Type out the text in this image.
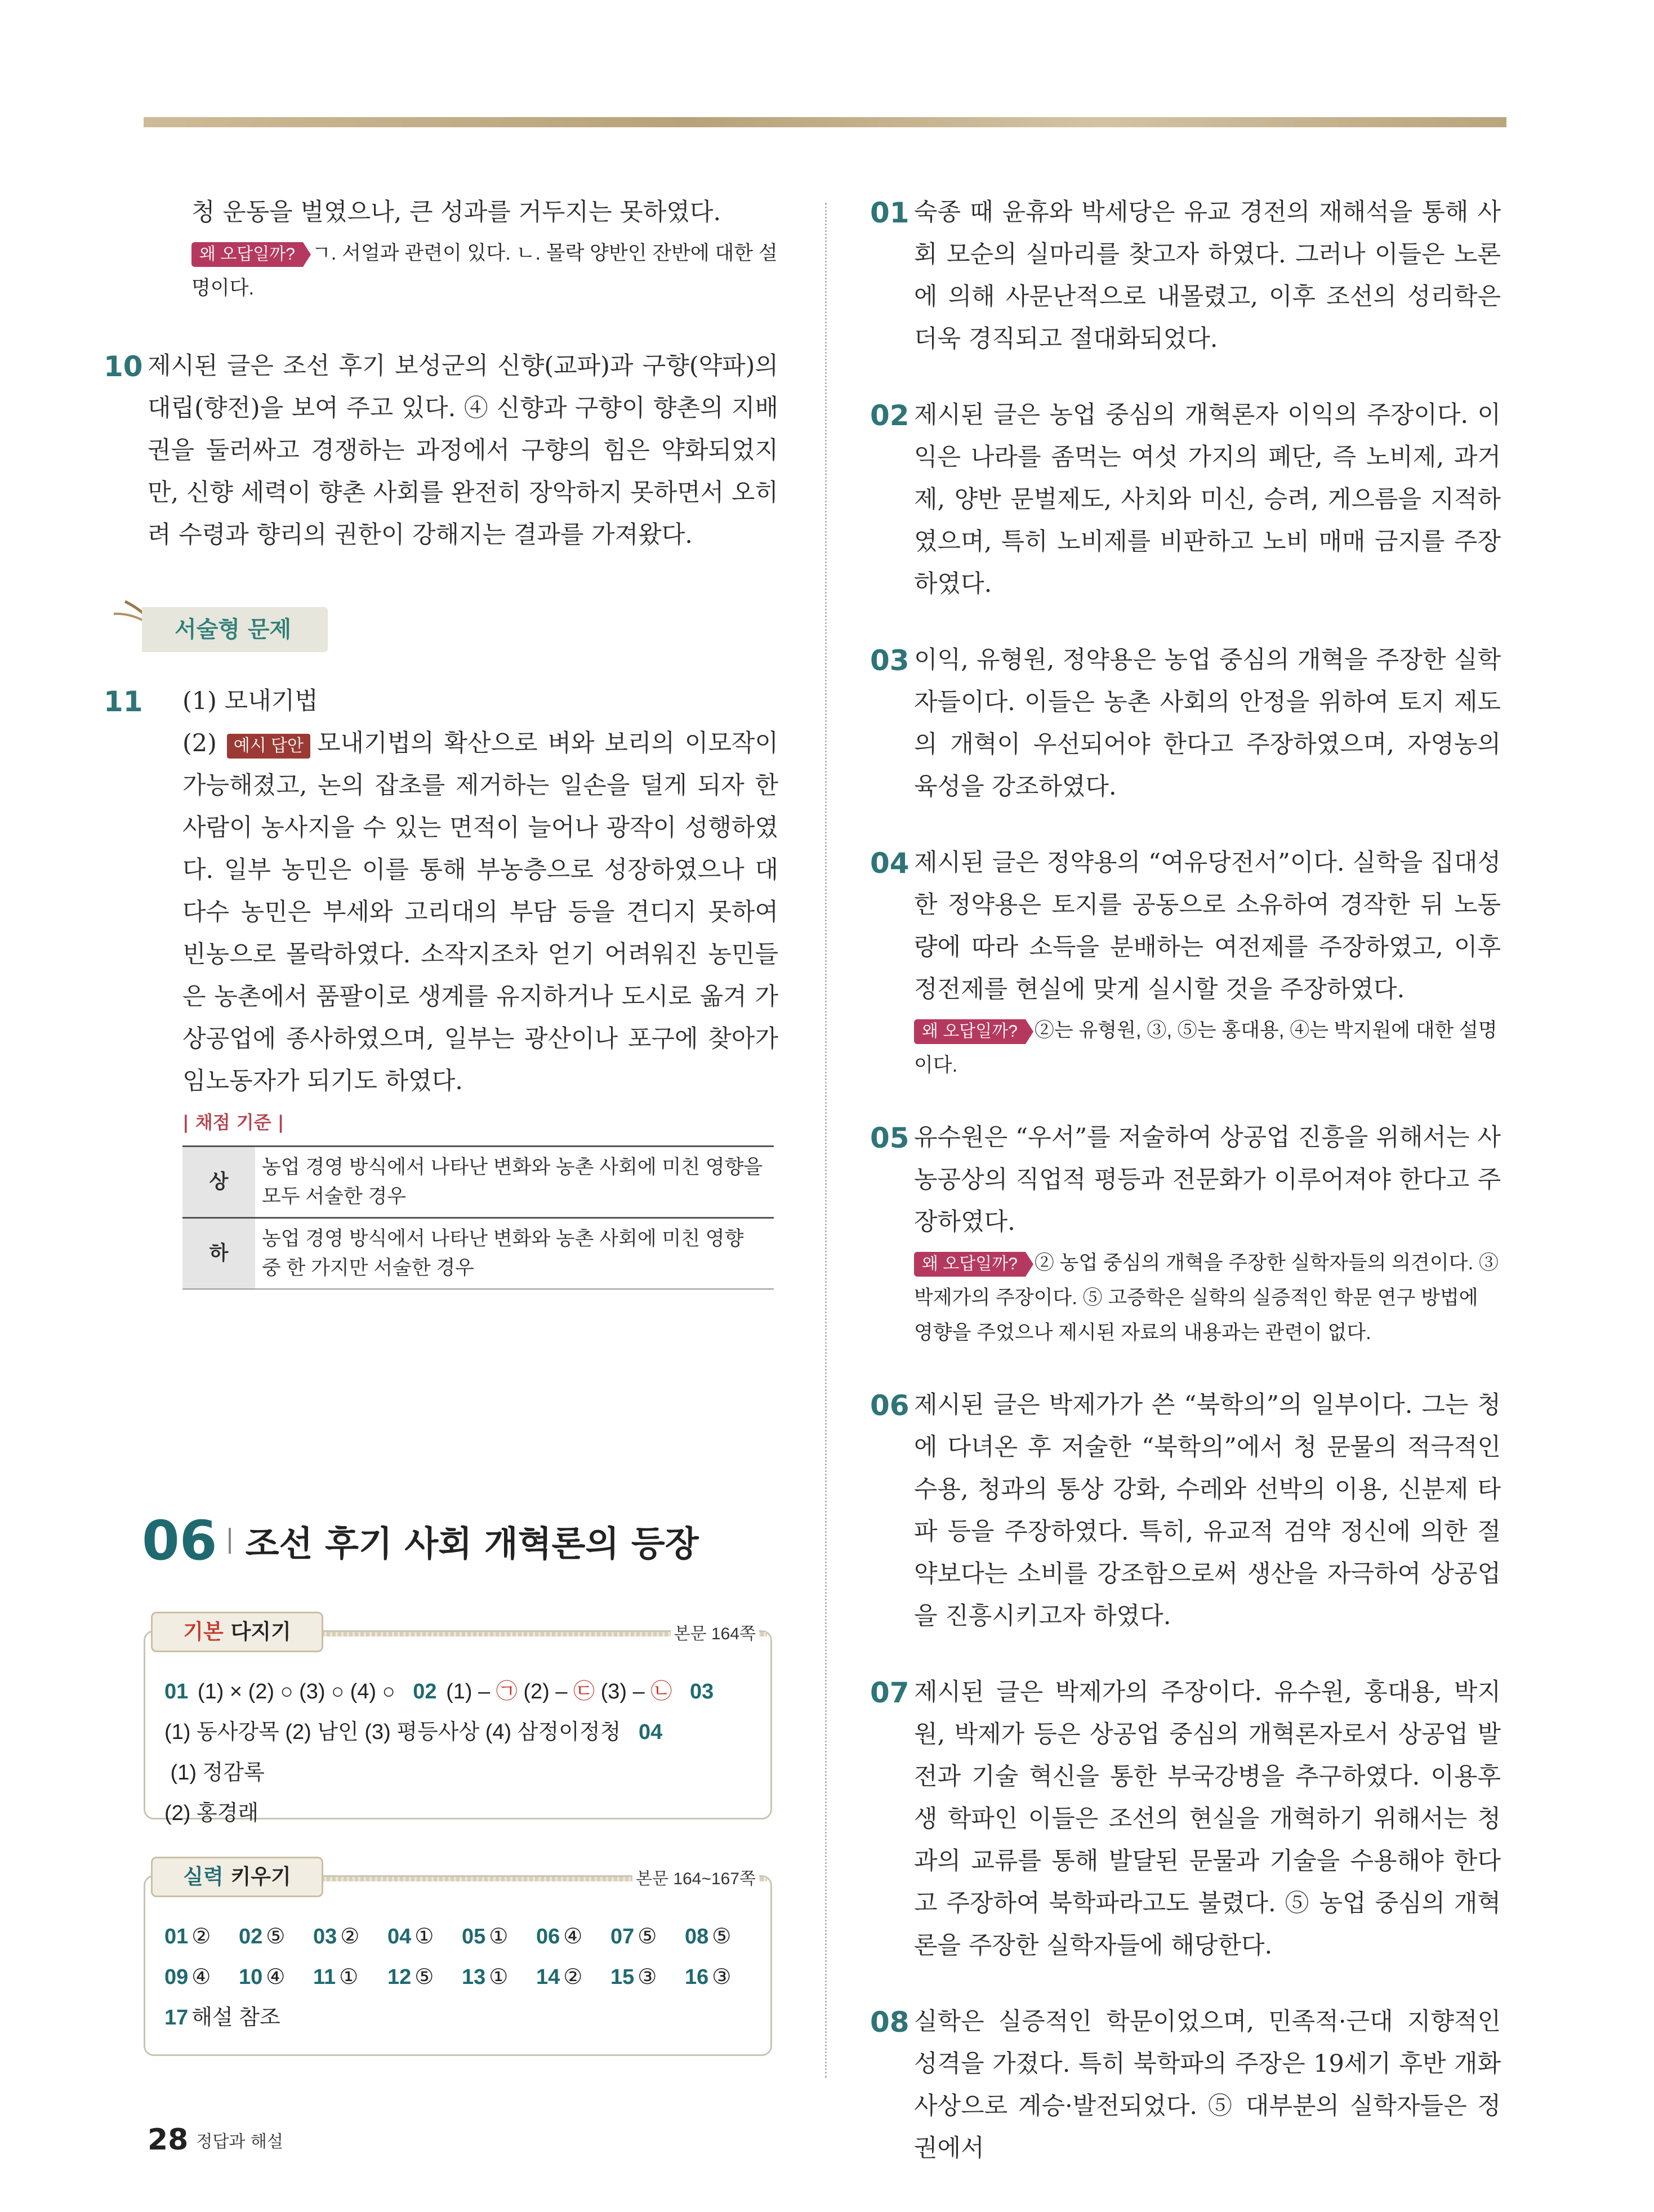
청 운동을 벌였으나, 큰 성과를 거두지는 못하였다.

왜 오답일까? ㄱ. 서얼과 관련이 있다. ㄴ. 몰락 양반인 잔반에 대한 설명이다.

10 제시된 글은 조선 후기 보성군의 신향(교파)과 구향(약파)의 대립(향전)을 보여 주고 있다. ④ 신향과 구향이 향촌의 지배권을 둘러싸고 경쟁하는 과정에서 구향의 힘은 약화되었지만, 신향 세력이 향촌 사회를 완전히 장악하지 못하면서 오히려 수령과 향리의 권한이 강해지는 결과를 가져왔다.

서술형 문제
11 (1) 모내기법

(2) 예시 답안 모내기법의 확산으로 벼와 보리의 이모작이 가능해졌고, 논의 잡초를 제거하는 일손을 덜게 되자 한 사람이 농사지을 수 있는 면적이 늘어나 광작이 성행하였다. 일부 농민은 이를 통해 부농층으로 성장하였으나 대다수 농민은 부세와 고리대의 부담 등을 견디지 못하여 빈농으로 몰락하였다. 소작지조차 얻기 어려워진 농민들은 농촌에서 품팔이로 생계를 유지하거나 도시로 옮겨 가 상공업에 종사하였으며, 일부는 광산이나 포구에 찾아가 임노동자가 되기도 하였다.

| 채점 기준 |
상	농업 경영 방식에서 나타난 변화와 농촌 사회에 미친 영향을 모두 서술한 경우
하	농업 경영 방식에서 나타난 변화와 농촌 사회에 미친 영향 중 한 가지만 서술한 경우
06 조선 후기 사회 개혁론의 등장
기본 다지기	본문 164쪽

01 (1) × (2) ○ (3) ○ (4) ○   02 (1) – ㉠ (2) – ㉢ (3) – ㉡ 03

(1) 동사강목 (2) 남인 (3) 평등사상 (4) 삼정이정청   04 (1) 정감록

(2) 홍경래

실력 키우기	본문 164~167쪽

01 ② 02 ⑤ 03 ② 04 ① 05 ① 06 ④ 07 ⑤ 08 ⑤

09 ④ 10 ④ 11 ① 12 ⑤ 13 ① 14 ② 15 ③ 16 ③

17 해설 참조

01 숙종 때 윤휴와 박세당은 유교 경전의 재해석을 통해 사회 모순의 실마리를 찾고자 하였다. 그러나 이들은 노론에 의해 사문난적으로 내몰렸고, 이후 조선의 성리학은 더욱 경직되고 절대화되었다.

02 제시된 글은 농업 중심의 개혁론자 이익의 주장이다. 이익은 나라를 좀먹는 여섯 가지의 폐단, 즉 노비제, 과거제, 양반 문벌제도, 사치와 미신, 승려, 게으름을 지적하였으며, 특히 노비제를 비판하고 노비 매매 금지를 주장하였다.

03 이익, 유형원, 정약용은 농업 중심의 개혁을 주장한 실학자들이다. 이들은 농촌 사회의 안정을 위하여 토지 제도의 개혁이 우선되어야 한다고 주장하였으며, 자영농의 육성을 강조하였다.

04 제시된 글은 정약용의 “여유당전서”이다. 실학을 집대성한 정약용은 토지를 공동으로 소유하여 경작한 뒤 노동량에 따라 소득을 분배하는 여전제를 주장하였고, 이후 정전제를 현실에 맞게 실시할 것을 주장하였다.

왜 오답일까? ②는 유형원, ③, ⑤는 홍대용, ④는 박지원에 대한 설명이다.

05 유수원은 “우서”를 저술하여 상공업 진흥을 위해서는 사농공상의 직업적 평등과 전문화가 이루어져야 한다고 주장하였다.

왜 오답일까? ② 농업 중심의 개혁을 주장한 실학자들의 의견이다. ③ 박제가의 주장이다. ⑤ 고증학은 실학의 실증적인 학문 연구 방법에 영향을 주었으나 제시된 자료의 내용과는 관련이 없다.

06 제시된 글은 박제가가 쓴 “북학의”의 일부이다. 그는 청에 다녀온 후 저술한 “북학의”에서 청 문물의 적극적인 수용, 청과의 통상 강화, 수레와 선박의 이용, 신분제 타파 등을 주장하였다. 특히, 유교적 검약 정신에 의한 절약보다는 소비를 강조함으로써 생산을 자극하여 상공업을 진흥시키고자 하였다.

07 제시된 글은 박제가의 주장이다. 유수원, 홍대용, 박지원, 박제가 등은 상공업 중심의 개혁론자로서 상공업 발전과 기술 혁신을 통한 부국강병을 추구하였다. 이용후생 학파인 이들은 조선의 현실을 개혁하기 위해서는 청과의 교류를 통해 발달된 문물과 기술을 수용해야 한다고 주장하여 북학파라고도 불렸다. ⑤ 농업 중심의 개혁론을 주장한 실학자들에 해당한다.

08 실학은 실증적인 학문이었으며, 민족적·근대 지향적인 성격을 가졌다. 특히 북학파의 주장은 19세기 후반 개화사상으로 계승·발전되었다. ⑤ 대부분의 실학자들은 정권에서

28 정답과 해설
